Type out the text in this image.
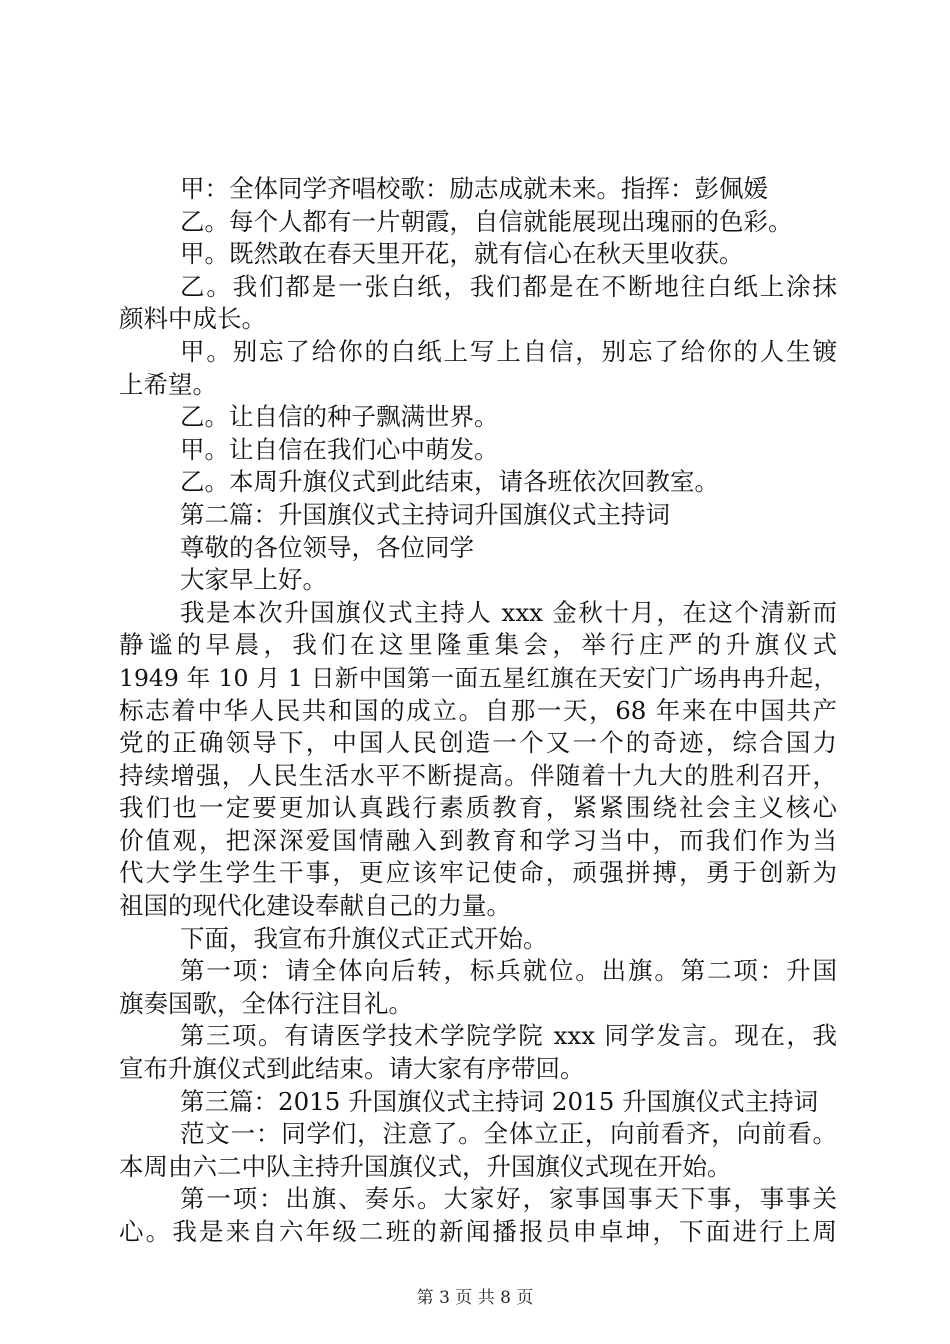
甲：全体同学齐唱校歌：励志成就未来。指挥：彭佩媛
乙。每个人都有一片朝霞，自信就能展现出瑰丽的色彩。
甲。既然敢在春天里开花，就有信心在秋天里收获。
乙。我们都是一张白纸，我们都是在不断地往白纸上涂抹
颜料中成长。
甲。别忘了给你的白纸上写上自信，别忘了给你的人生镀
上希望。
乙。让自信的种子飘满世界。
甲。让自信在我们心中萌发。
乙。本周升旗仪式到此结束，请各班依次回教室。
第二篇：升国旗仪式主持词升国旗仪式主持词
尊敬的各位领导，各位同学
大家早上好。
我是本次升国旗仪式主持人 xxx 金秋十月，在这个清新而
静谧的早晨，我们在这里隆重集会，举行庄严的升旗仪式
1949 年 10 月 1 日新中国第一面五星红旗在天安门广场冉冉升起，
标志着中华人民共和国的成立。自那一天，68 年来在中国共产
党的正确领导下，中国人民创造一个又一个的奇迹，综合国力
持续增强，人民生活水平不断提高。伴随着十九大的胜利召开，
我们也一定要更加认真践行素质教育，紧紧围绕社会主义核心
价值观，把深深爱国情融入到教育和学习当中，而我们作为当
代大学生学生干事，更应该牢记使命，顽强拼搏，勇于创新为
祖国的现代化建设奉献自己的力量。
下面，我宣布升旗仪式正式开始。
第一项：请全体向后转，标兵就位。出旗。第二项：升国
旗奏国歌，全体行注目礼。
第三项。有请医学技术学院学院 xxx 同学发言。现在，我
宣布升旗仪式到此结束。请大家有序带回。
第三篇：2015 升国旗仪式主持词 2015 升国旗仪式主持词
范文一：同学们，注意了。全体立正，向前看齐，向前看。
本周由六二中队主持升国旗仪式，升国旗仪式现在开始。
第一项：出旗、奏乐。大家好，家事国事天下事，事事关
心。我是来自六年级二班的新闻播报员申卓坤，下面进行上周
第 3 页 共 8 页
